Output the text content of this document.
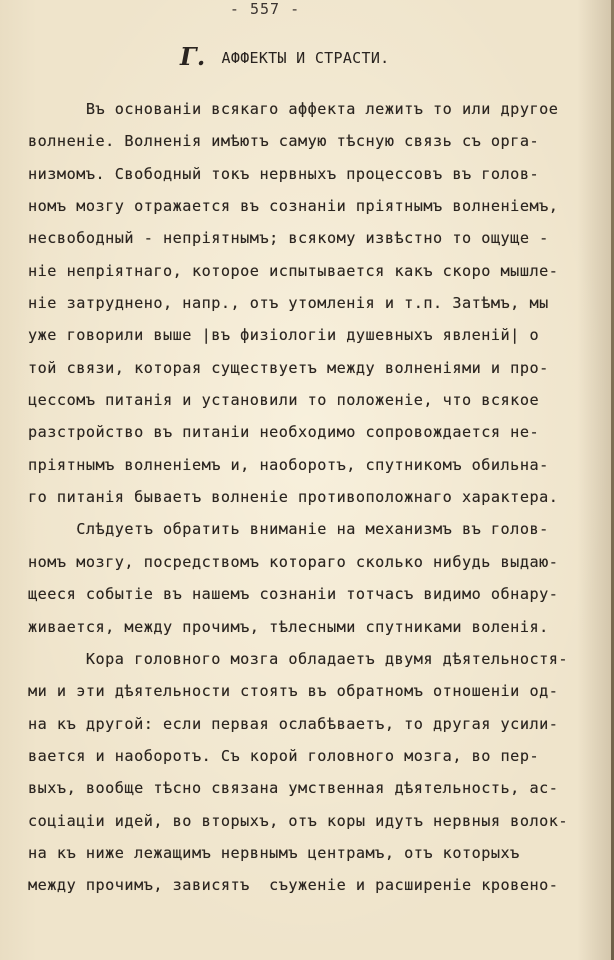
- 557 -
Г. АФФЕКТЫ И СТРАСТИ.
Въ основаніи всякаго аффекта лежитъ то или другое
волненіе. Волненія имѣютъ самую тѣсную связь съ орга-
низмомъ. Свободный токъ нервныхъ процессовъ въ голов-
номъ мозгу отражается въ сознаніи пріятнымъ волненіемъ,
несвободный - непріятнымъ; всякому извѣстно то ощуще -
ніе непріятнаго, которое испытывается какъ скоро мышле-
ніе затруднено, напр., отъ утомленія и т.п. Затѣмъ, мы
уже говорили выше |въ физіологіи душевныхъ явленій| о
той связи, которая существуетъ между волненіями и про-
цессомъ питанія и установили то положеніе, что всякое
разстройство въ питаніи необходимо сопровождается не-
пріятнымъ волненіемъ и, наоборотъ, спутникомъ обильна-
го питанія бываетъ волненіе противоположнаго характера.
Слѣдуетъ обратить вниманіе на механизмъ въ голов-
номъ мозгу, посредствомъ котораго сколько нибудь выдаю-
щееся событіе въ нашемъ сознаніи тотчасъ видимо обнару-
живается, между прочимъ, тѣлесными спутниками воленія.
Кора головного мозга обладаетъ двумя дѣятельностя-
ми и эти дѣятельности стоятъ въ обратномъ отношеніи од-
на къ другой: если первая ослабѣваетъ, то другая усили-
вается и наоборотъ. Съ корой головного мозга, во пер-
выхъ, вообще тѣсно связана умственная дѣятельность, ас-
соціаціи идей, во вторыхъ, отъ коры идутъ нервныя волок-
на къ ниже лежащимъ нервнымъ центрамъ, отъ которыхъ
между прочимъ, зависятъ  съуженіе и расширеніе кровено-
